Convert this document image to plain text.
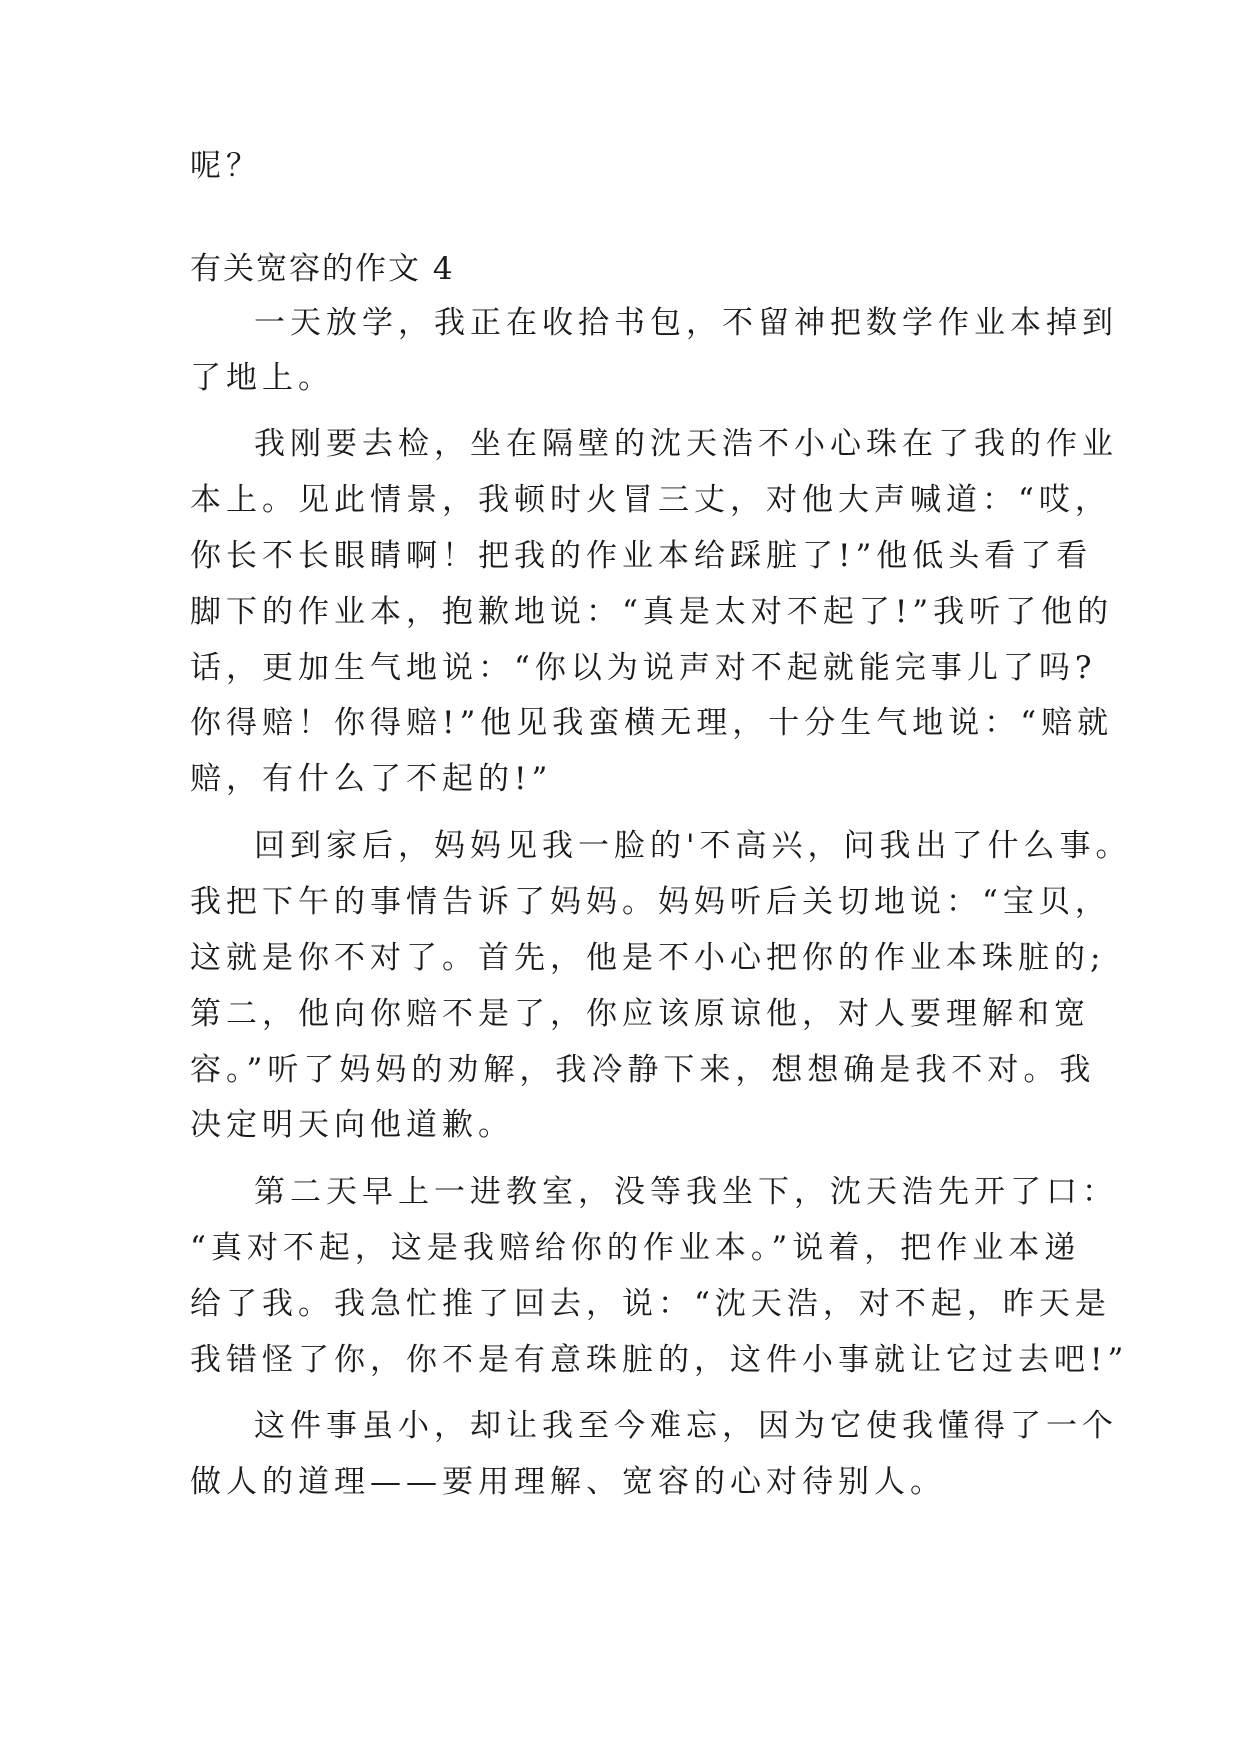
呢？
有关宽容的作文 4
一天放学，我正在收拾书包，不留神把数学作业本掉到
了地上。
我刚要去检，坐在隔壁的沈天浩不小心珠在了我的作业
本上。见此情景，我顿时火冒三丈，对他大声喊道：“哎，
你长不长眼睛啊！把我的作业本给踩脏了!”他低头看了看
脚下的作业本，抱歉地说：“真是太对不起了!”我听了他的
话，更加生气地说：“你以为说声对不起就能完事儿了吗?
你得赔！你得赔!”他见我蛮横无理，十分生气地说：“赔就
赔，有什么了不起的!”
回到家后，妈妈见我一脸的'不高兴，问我出了什么事。
我把下午的事情告诉了妈妈。妈妈听后关切地说：“宝贝，
这就是你不对了。首先，他是不小心把你的作业本珠脏的;
第二，他向你赔不是了，你应该原谅他，对人要理解和宽
容。”听了妈妈的劝解，我冷静下来，想想确是我不对。我
决定明天向他道歉。
第二天早上一进教室，没等我坐下，沈天浩先开了口：
“真对不起，这是我赔给你的作业本。”说着，把作业本递
给了我。我急忙推了回去，说：“沈天浩，对不起，昨天是
我错怪了你，你不是有意珠脏的，这件小事就让它过去吧!”
这件事虽小，却让我至今难忘，因为它使我懂得了一个
做人的道理——要用理解、宽容的心对待别人。
